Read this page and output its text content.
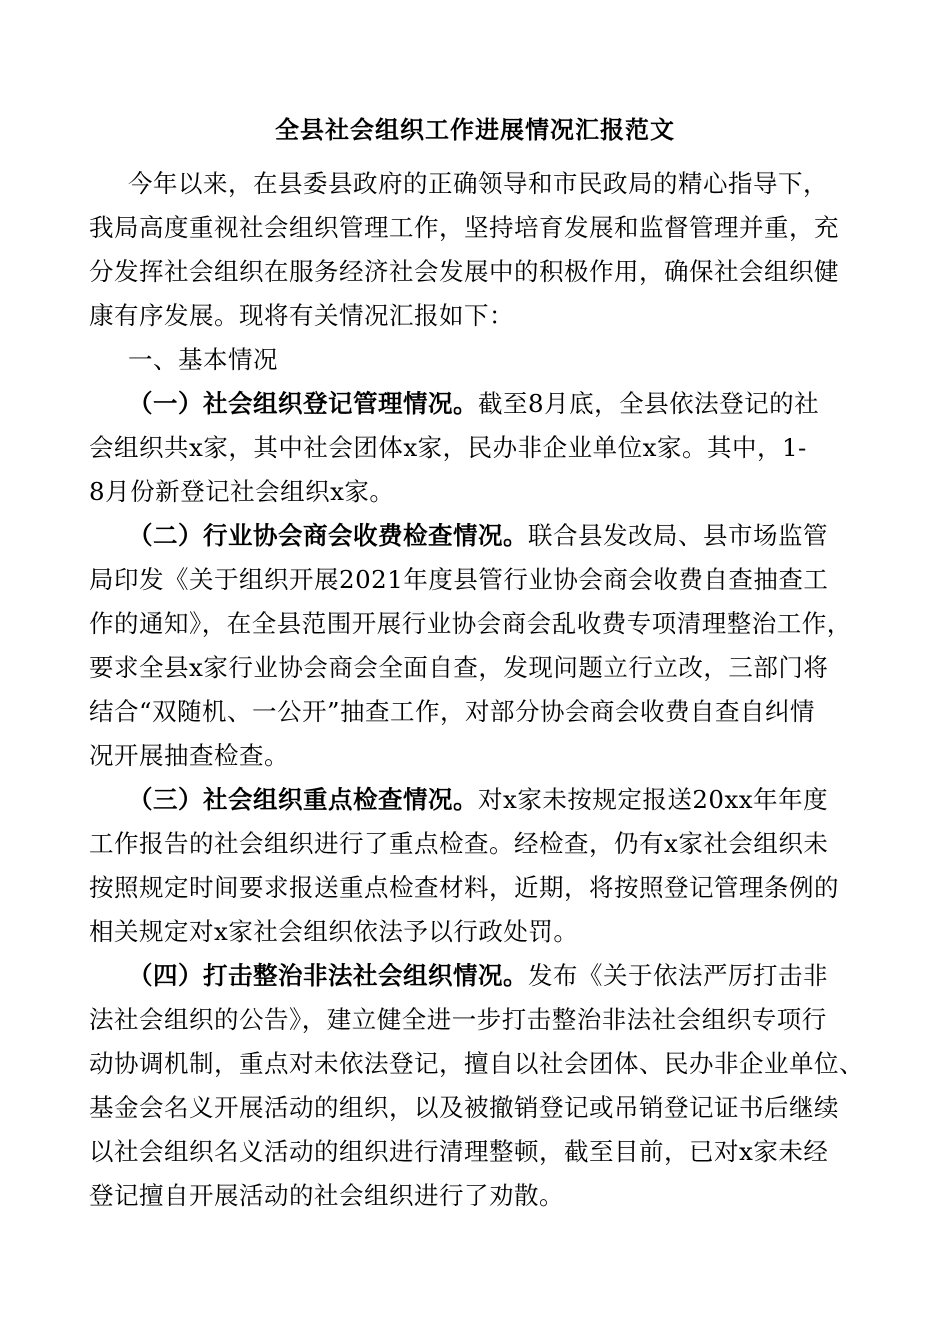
全县社会组织工作进展情况汇报范文
今年以来，在县委县政府的正确领导和市民政局的精心指导下，
我局高度重视社会组织管理工作，坚持培育发展和监督管理并重，充
分发挥社会组织在服务经济社会发展中的积极作用，确保社会组织健
康有序发展。现将有关情况汇报如下：
一、基本情况
（一）社会组织登记管理情况。截至8月底，全县依法登记的社
会组织共x家，其中社会团体x家，民办非企业单位x家。其中，1-
8月份新登记社会组织x家。
（二）行业协会商会收费检查情况。联合县发改局、县市场监管
局印发《关于组织开展2021年度县管行业协会商会收费自查抽查工
作的通知》，在全县范围开展行业协会商会乱收费专项清理整治工作，
要求全县x家行业协会商会全面自查，发现问题立行立改，三部门将
结合“双随机、一公开”抽查工作，对部分协会商会收费自查自纠情
况开展抽查检查。
（三）社会组织重点检查情况。对x家未按规定报送20xx年年度
工作报告的社会组织进行了重点检查。经检查，仍有x家社会组织未
按照规定时间要求报送重点检查材料，近期，将按照登记管理条例的
相关规定对x家社会组织依法予以行政处罚。
（四）打击整治非法社会组织情况。发布《关于依法严厉打击非
法社会组织的公告》，建立健全进一步打击整治非法社会组织专项行
动协调机制，重点对未依法登记，擅自以社会团体、民办非企业单位、
基金会名义开展活动的组织，以及被撤销登记或吊销登记证书后继续
以社会组织名义活动的组织进行清理整顿，截至目前，已对x家未经
登记擅自开展活动的社会组织进行了劝散。
